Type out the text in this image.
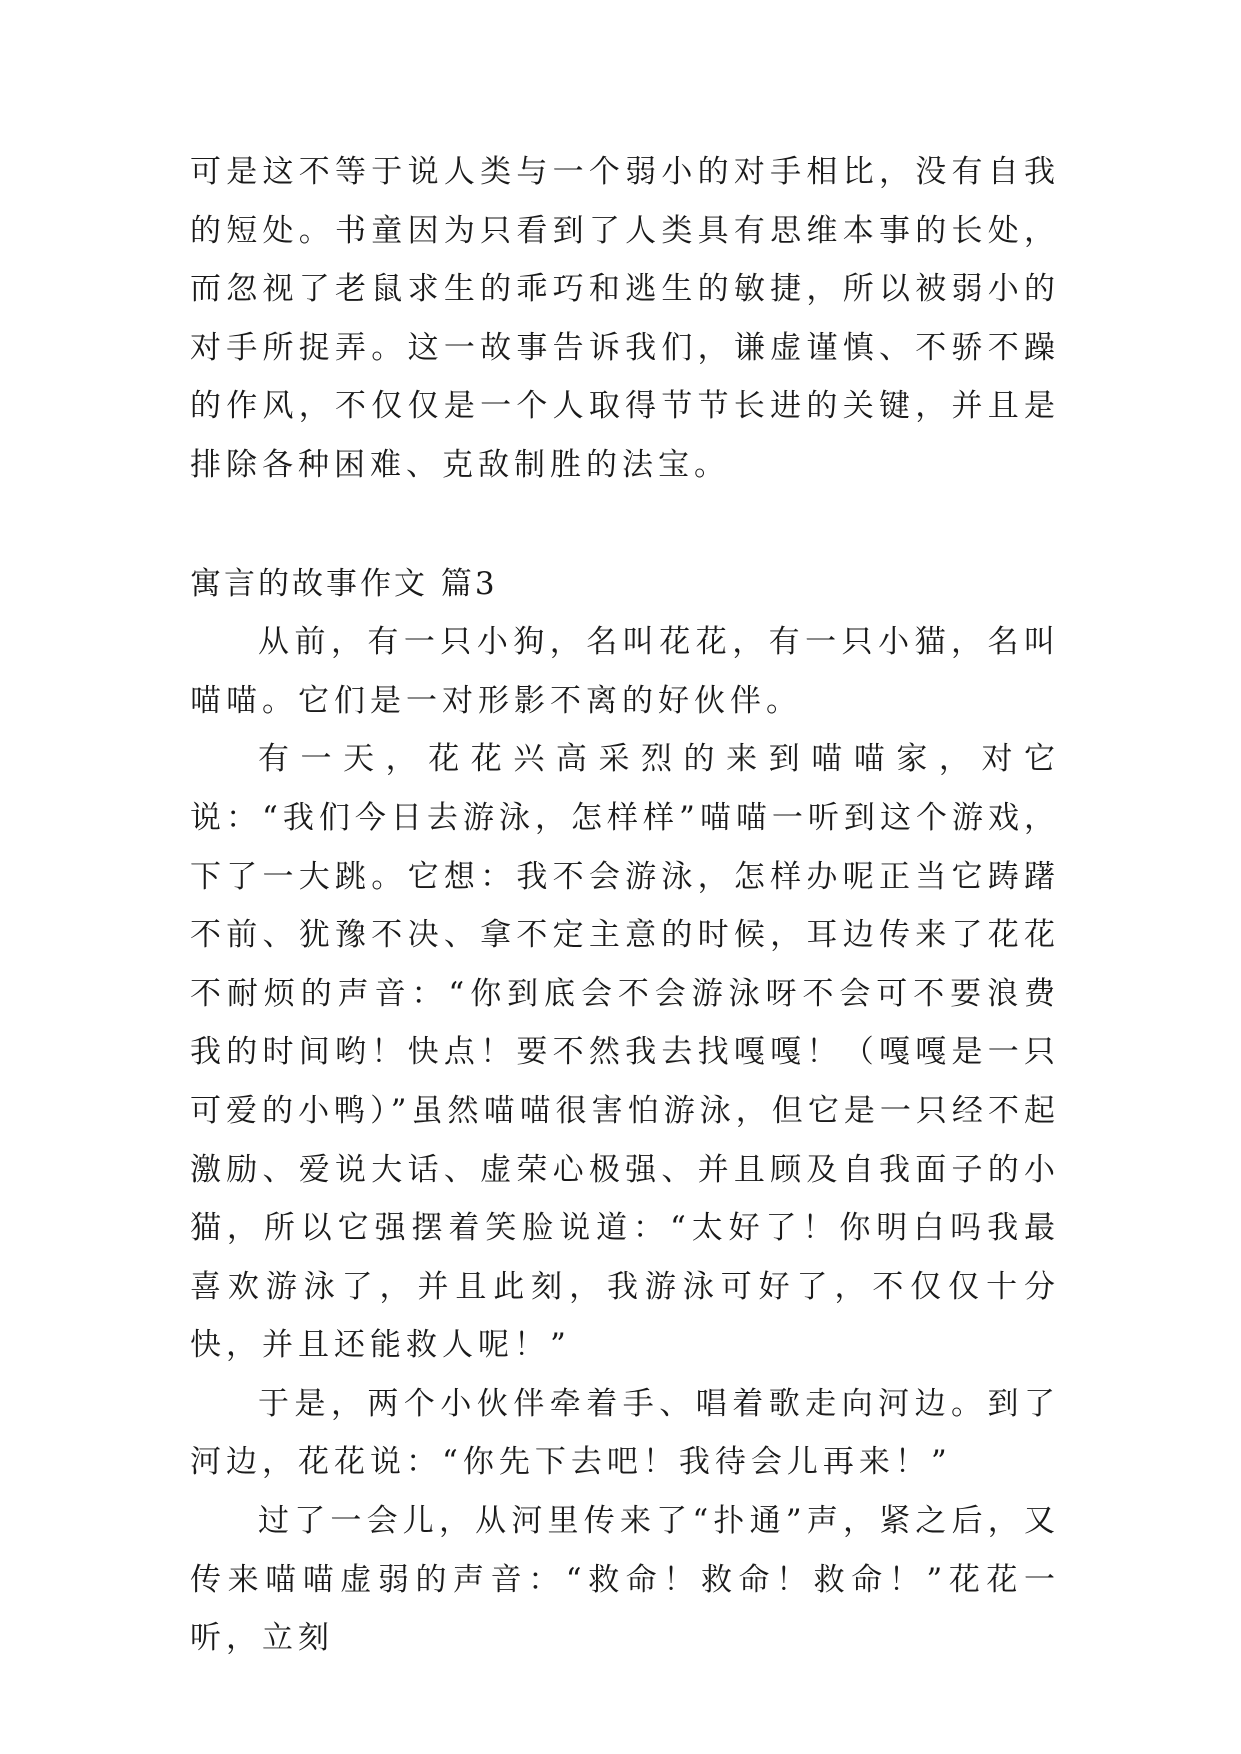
可是这不等于说人类与一个弱小的对手相比，没有自我的短处。书童因为只看到了人类具有思维本事的长处，而忽视了老鼠求生的乖巧和逃生的敏捷，所以被弱小的对手所捉弄。这一故事告诉我们，谦虚谨慎、不骄不躁的作风，不仅仅是一个人取得节节长进的关键，并且是排除各种困难、克敌制胜的法宝。

寓言的故事作文 篇3

从前，有一只小狗，名叫花花，有一只小猫，名叫喵喵。它们是一对形影不离的好伙伴。

有一天，花花兴高采烈的来到喵喵家，对它说：“我们今日去游泳，怎样样”喵喵一听到这个游戏，下了一大跳。它想：我不会游泳，怎样办呢正当它踌躇不前、犹豫不决、拿不定主意的时候，耳边传来了花花不耐烦的声音：“你到底会不会游泳呀不会可不要浪费我的时间哟！快点！要不然我去找嘎嘎！（嘎嘎是一只可爱的小鸭）”虽然喵喵很害怕游泳，但它是一只经不起激励、爱说大话、虚荣心极强、并且顾及自我面子的小猫，所以它强摆着笑脸说道：“太好了！你明白吗我最喜欢游泳了，并且此刻，我游泳可好了，不仅仅十分快，并且还能救人呢！”

于是，两个小伙伴牵着手、唱着歌走向河边。到了河边，花花说：“你先下去吧！我待会儿再来！”

过了一会儿，从河里传来了“扑通”声，紧之后，又传来喵喵虚弱的声音：“救命！救命！救命！”花花一听，立刻
